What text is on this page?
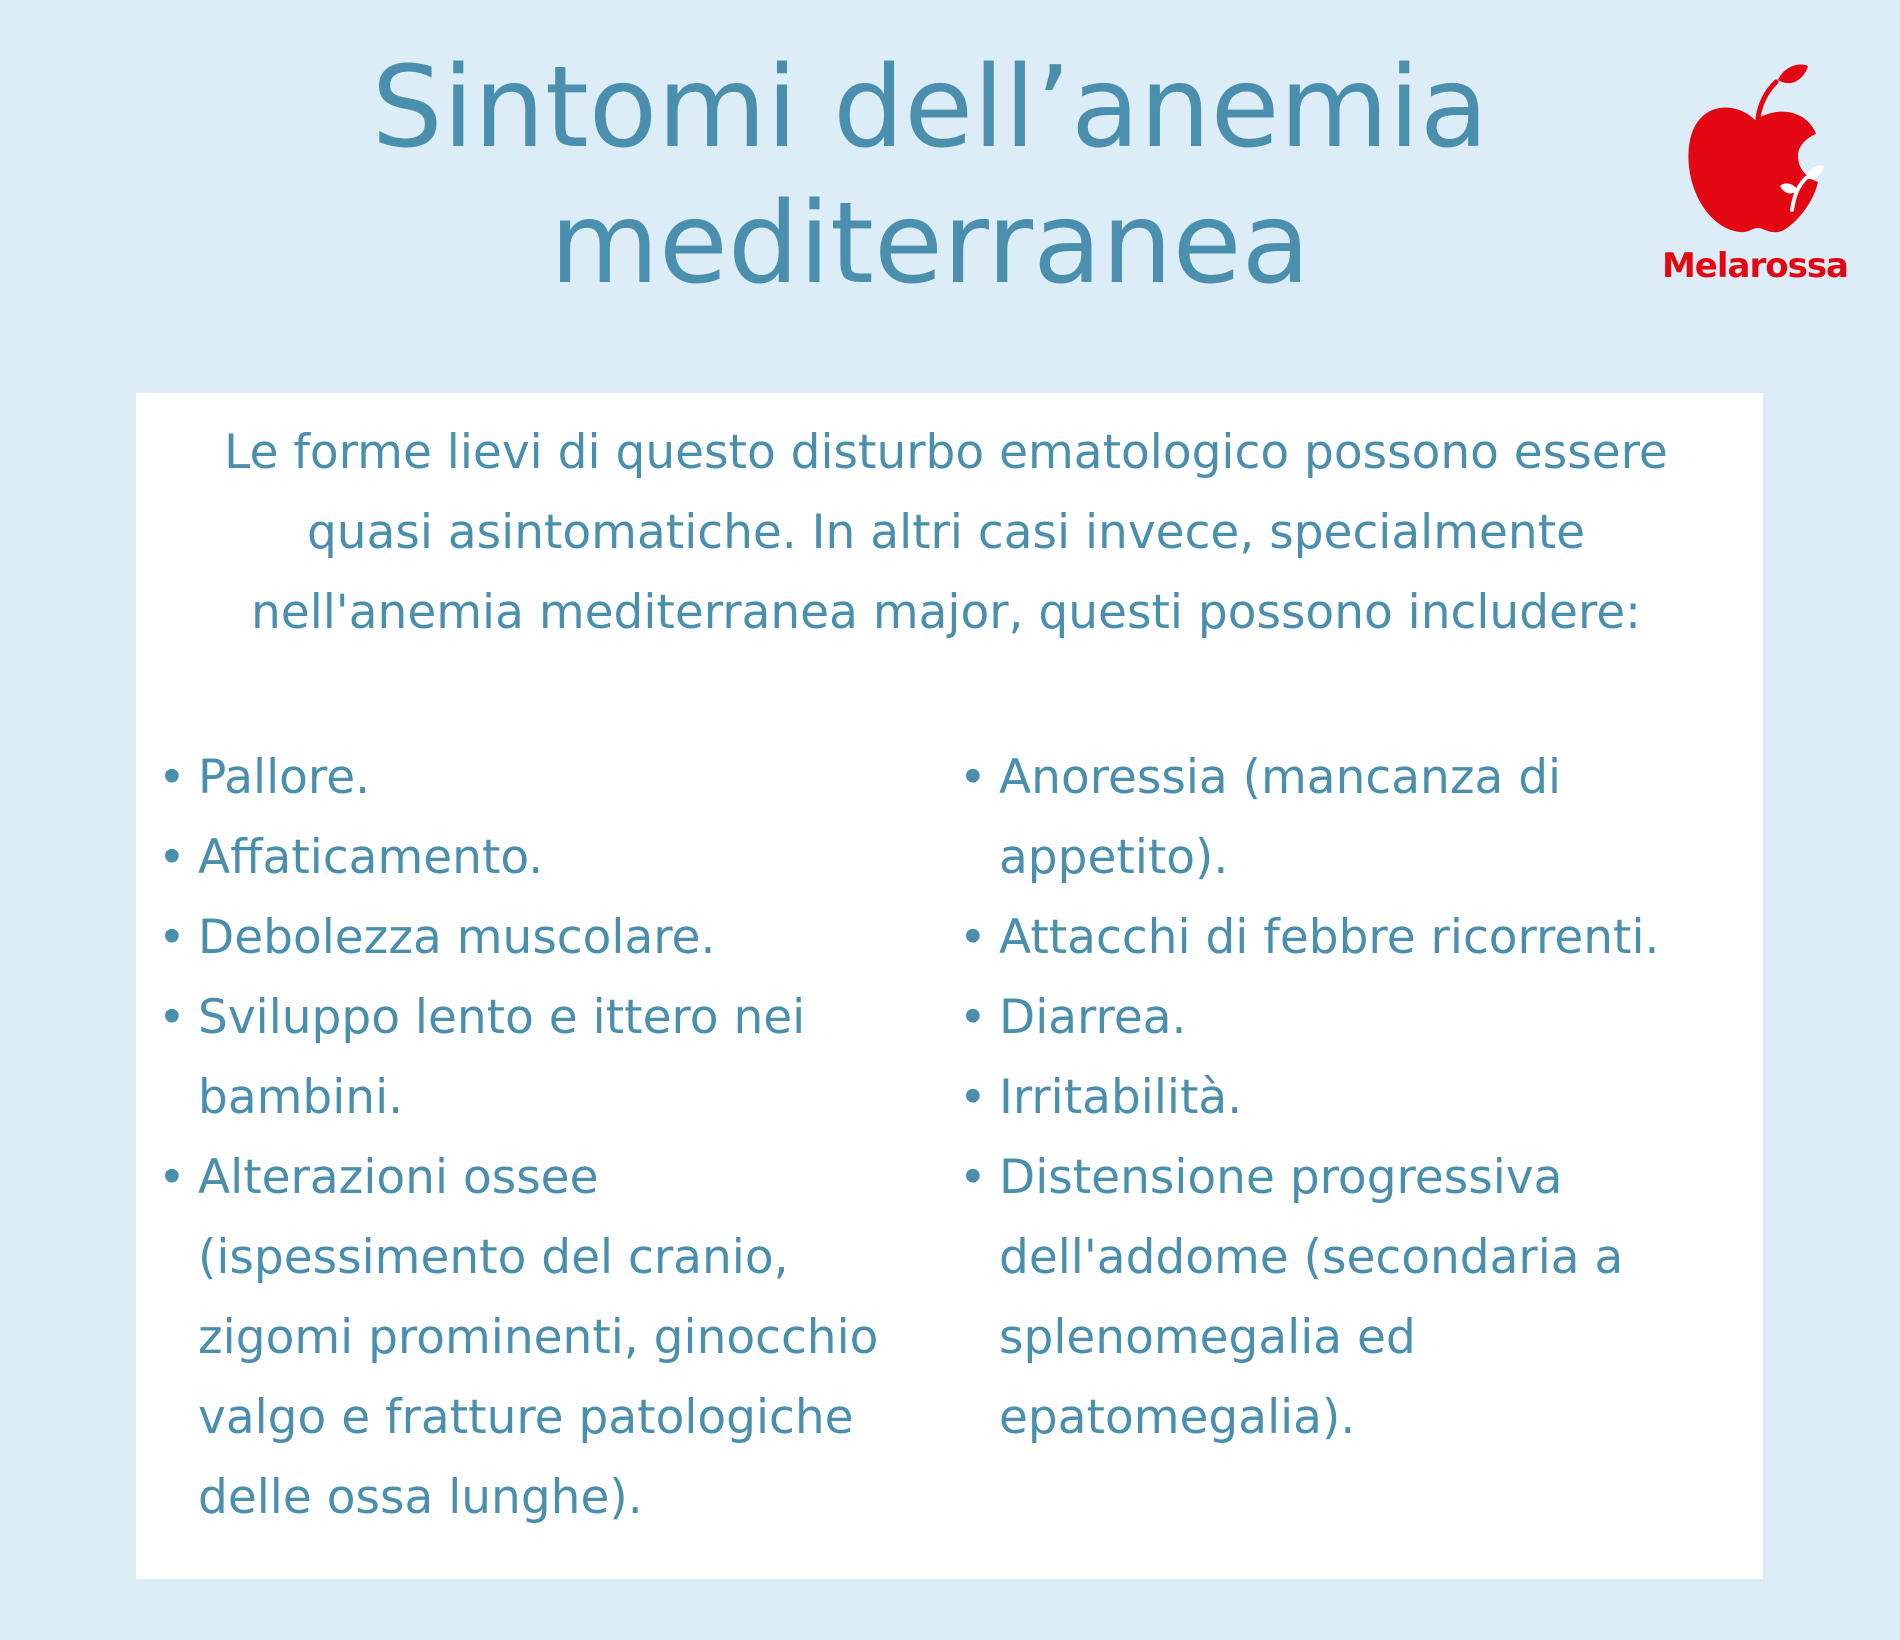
Sintomi dell’anemia
mediterranea	Melarossa

Le forme lievi di questo disturbo ematologico possono essere quasi asintomatiche. In altri casi invece, specialmente nell'anemia mediterranea major, questi possono includere:

• Pallore.
• Affaticamento.
• Debolezza muscolare.
• Sviluppo lento e ittero nei bambini.
• Alterazioni ossee (ispessimento del cranio, zigomi prominenti, ginocchio valgo e fratture patologiche delle ossa lunghe).
• Anoressia (mancanza di appetito).
• Attacchi di febbre ricorrenti.
• Diarrea.
• Irritabilità.
• Distensione progressiva dell'addome (secondaria a splenomegalia ed epatomegalia).
